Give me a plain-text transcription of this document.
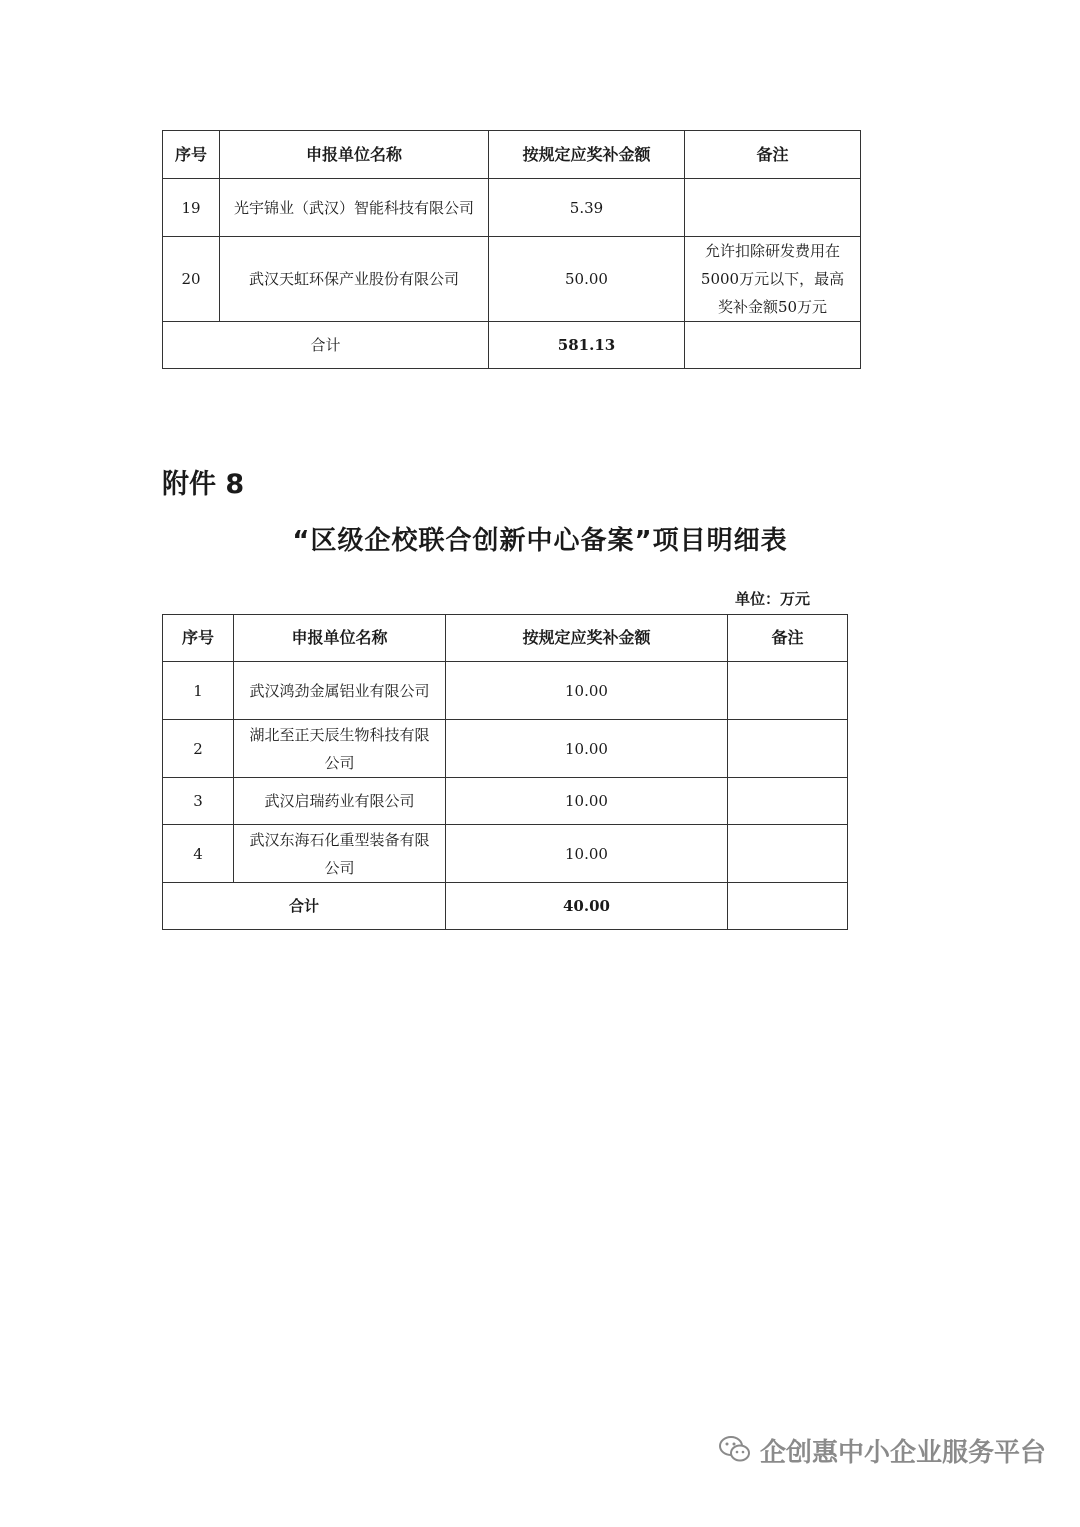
序号	申报单位名称	按规定应奖补金额	备注
19	光宇锦业（武汉）智能科技有限公司	5.39	
20	武汉天虹环保产业股份有限公司	50.00	允许扣除研发费用在5000万元以下，最高奖补金额50万元
合计		581.13	
附件 8
“区级企校联合创新中心备案”项目明细表
单位：万元
序号	申报单位名称	按规定应奖补金额	备注
1	武汉鸿劲金属铝业有限公司	10.00	
2	湖北至正天辰生物科技有限公司	10.00	
3	武汉启瑞药业有限公司	10.00	
4	武汉东海石化重型装备有限公司	10.00	
合计		40.00	
企创惠中小企业服务平台
